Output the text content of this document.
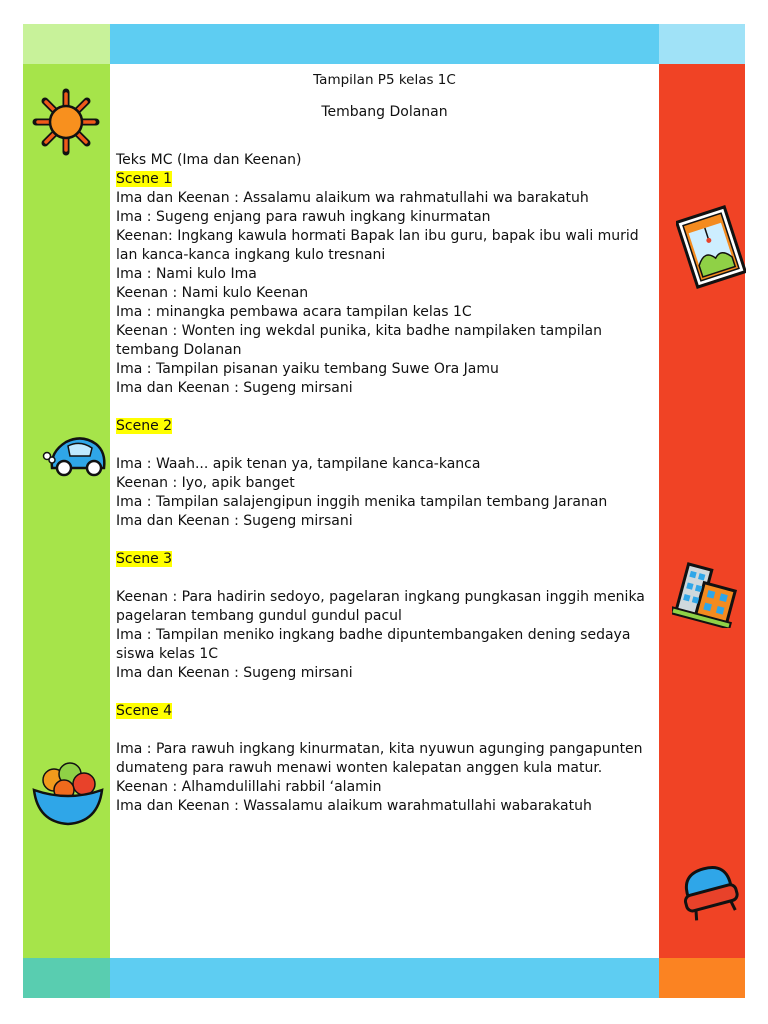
Tampilan P5 kelas 1C
Tembang Dolanan

Teks MC (Ima dan Keenan)

Scene 1

Ima dan Keenan : Assalamu alaikum wa rahmatullahi wa barakatuh

Ima : Sugeng enjang para rawuh ingkang kinurmatan

Keenan: Ingkang kawula hormati Bapak lan ibu guru, bapak ibu wali murid

lan kanca-kanca ingkang kulo tresnani

Ima : Nami kulo Ima

Keenan : Nami kulo Keenan

Ima : minangka pembawa acara tampilan kelas 1C

Keenan : Wonten ing wekdal punika, kita badhe nampilaken tampilan

tembang Dolanan

Ima : Tampilan pisanan yaiku tembang Suwe Ora Jamu

Ima dan Keenan : Sugeng mirsani

Scene 2

Ima : Waah... apik tenan ya, tampilane kanca-kanca

Keenan : Iyo, apik banget

Ima : Tampilan salajengipun inggih menika tampilan tembang Jaranan

Ima dan Keenan : Sugeng mirsani

Scene 3

Keenan : Para hadirin sedoyo, pagelaran ingkang pungkasan inggih menika

pagelaran tembang gundul gundul pacul

Ima : Tampilan meniko ingkang badhe dipuntembangaken dening sedaya

siswa kelas 1C

Ima dan Keenan : Sugeng mirsani

Scene 4

Ima : Para rawuh ingkang kinurmatan, kita nyuwun agunging pangapunten

dumateng para rawuh menawi wonten kalepatan anggen kula matur.

Keenan : Alhamdulillahi rabbil ‘alamin

Ima dan Keenan : Wassalamu alaikum warahmatullahi wabarakatuh
